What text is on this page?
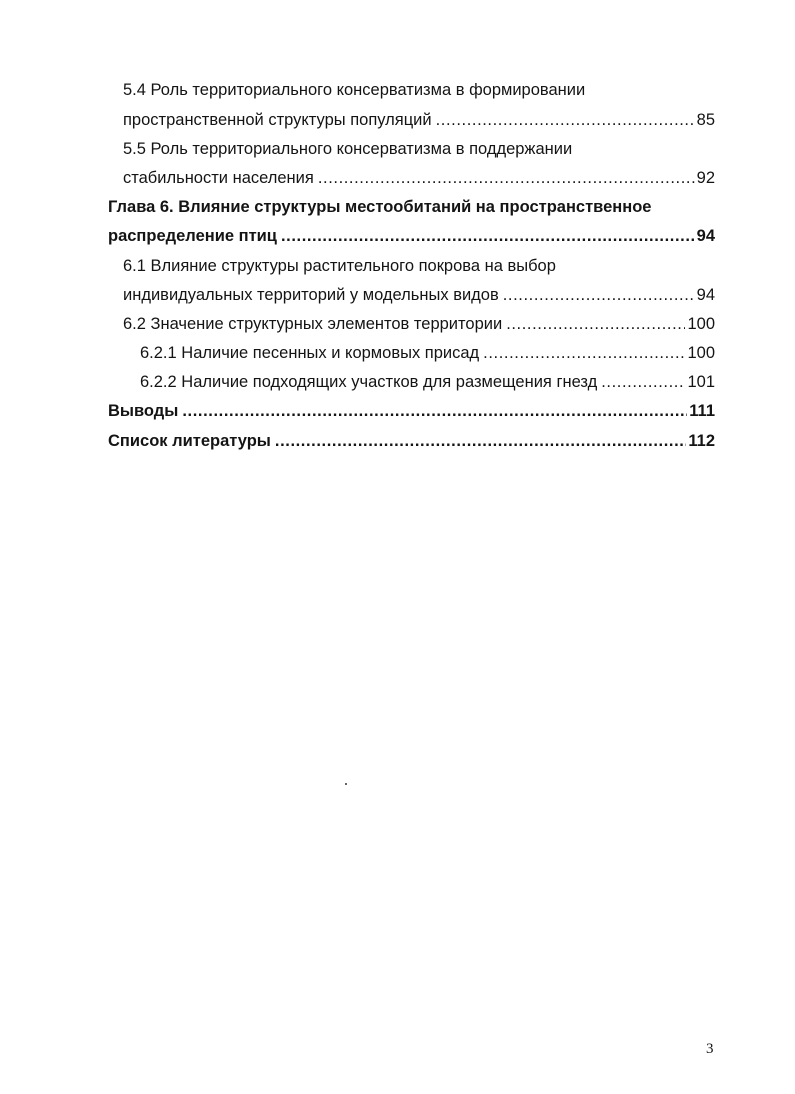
5.4 Роль территориального консерватизма в формировании
пространственной структуры популяций .....	85
5.5 Роль территориального консерватизма в поддержании
стабильности населения .....	92
Глава 6. Влияние структуры местообитаний на пространственное
распределение птиц .....	94
6.1 Влияние структуры растительного покрова на выбор
индивидуальных территорий у модельных видов .....	94
6.2 Значение структурных элементов территории .....	100
6.2.1 Наличие песенных и кормовых присад .....	100
6.2.2 Наличие подходящих участков для размещения гнезд .....	101
Выводы .....	111
Список литературы .....	112
3
